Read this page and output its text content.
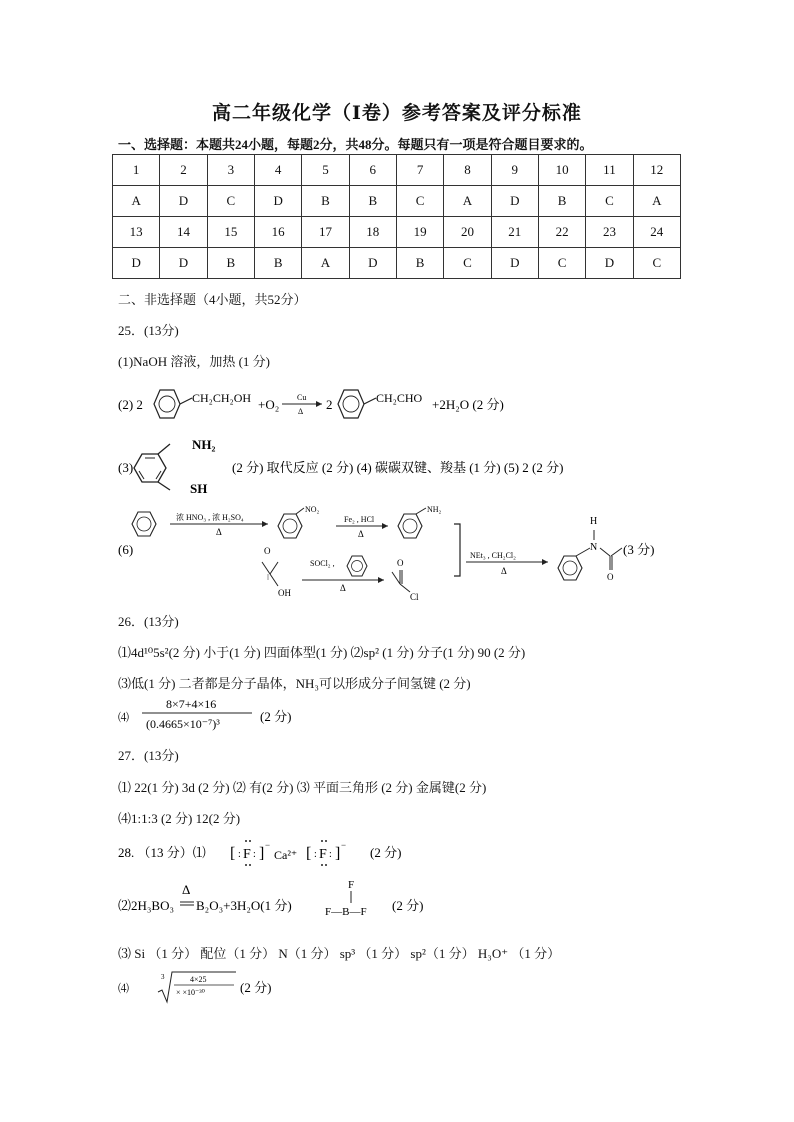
高二年级化学（Ⅰ卷）参考答案及评分标准
一、选择题：本题共24小题，每题2分，共48分。每题只有一项是符合题目要求的。
1	2	3	4	5	6	7	8	9	10	11	12
A	D	C	D	B	B	C	A	D	B	C	A
13	14	15	16	17	18	19	20	21	22	23	24
D	D	B	B	A	D	B	C	D	C	D	C
二、非选择题（4小题，共52分）
25．(13分)
(1)NaOH 溶液，加热 (1 分)
(2) 2	CH₂CH₂OH +O₂ Cu
Δ 2	CH₂CHO +2H₂O (2 分)
(3)
NH₂
SH
(2 分) 取代反应 (2 分) (4) 碳碳双键、羧基 (1 分) (5) 2 (2 分)
(6)
浓 HNO₃ , 浓 H₂SO₄
Δ
NO₂
Fe₂ , HCl
Δ
NH₂
O
OH
SOCl₂ ,
Δ
O
Cl
NEt₃ , CH₂Cl₂
Δ
N
H
O
(3 分)
26．(13分)
⑴4d¹⁰5s²(2 分) 小于(1 分) 四面体型(1 分) ⑵sp² (1 分) 分子(1 分) 90 (2 分)
⑶低(1 分) 二者都是分子晶体，NH₃可以形成分子间氢键 (2 分)
⑷
8×7+4×16
(0.4665×10⁻⁷)³	(2 分)
27．(13分)
⑴ 22(1 分) 3d (2 分) ⑵ 有(2 分) ⑶ 平面三角形 (2 分) 金属键(2 分)
⑷1:1:3 (2 分) 12(2 分)
28. （13 分）⑴ [ : F : ] −
Ca²⁺ [ : F : ] − (2 分)
⑵2H₃BO₃
Δ
B₂O₃+3H₂O(1 分)
F
F—B—F (2 分)
⑶ Si （1 分） 配位（1 分） N（1 分） sp³ （1 分） sp²（1 分） H₃O⁺ （1 分）
⑷
3	4×25
× ×10⁻³⁰	(2 分)
